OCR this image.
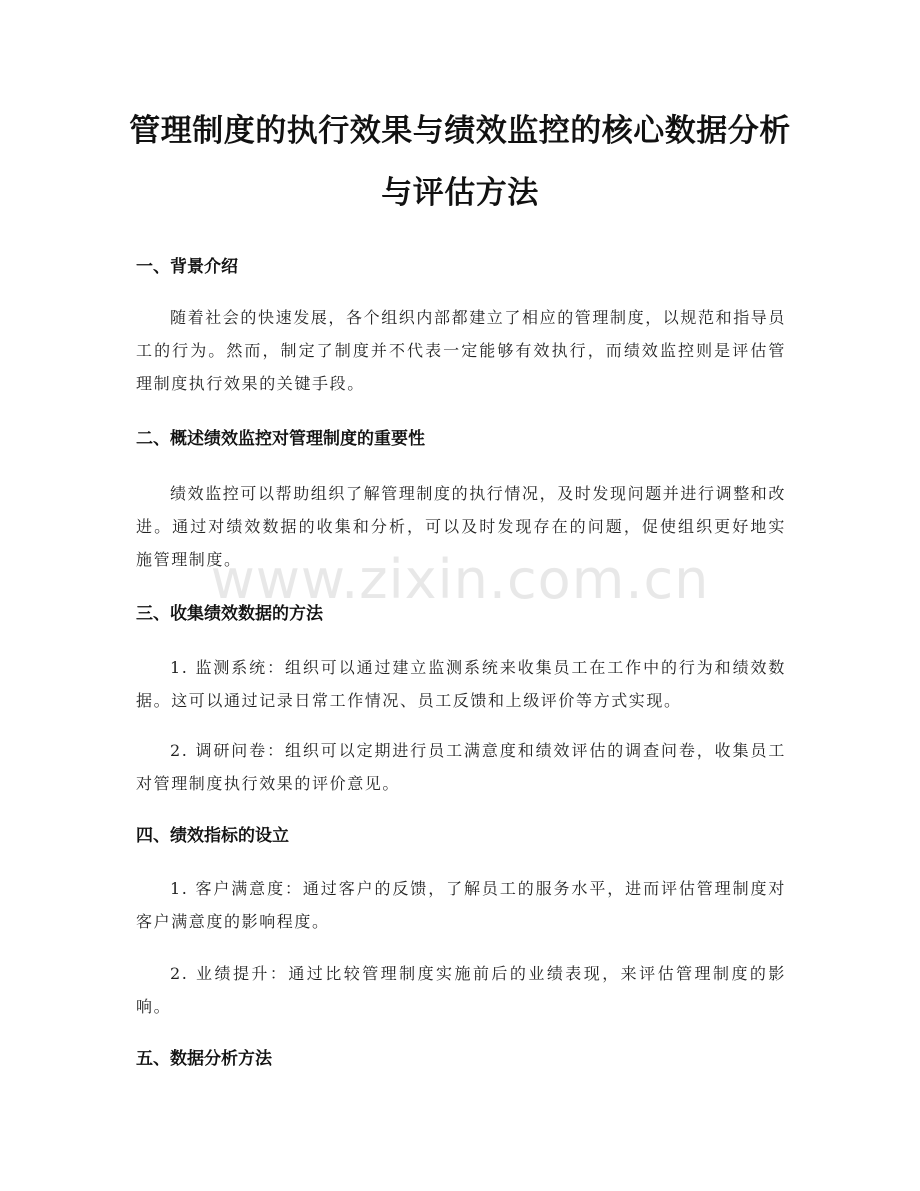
管理制度的执行效果与绩效监控的核心数据分析与评估方法
一、背景介绍

随着社会的快速发展，各个组织内部都建立了相应的管理制度，以规范和指导员工的行为。然而，制定了制度并不代表一定能够有效执行，而绩效监控则是评估管理制度执行效果的关键手段。

二、概述绩效监控对管理制度的重要性

绩效监控可以帮助组织了解管理制度的执行情况，及时发现问题并进行调整和改进。通过对绩效数据的收集和分析，可以及时发现存在的问题，促使组织更好地实施管理制度。

三、收集绩效数据的方法

1. 监测系统：组织可以通过建立监测系统来收集员工在工作中的行为和绩效数据。这可以通过记录日常工作情况、员工反馈和上级评价等方式实现。

2. 调研问卷：组织可以定期进行员工满意度和绩效评估的调查问卷，收集员工对管理制度执行效果的评价意见。

四、绩效指标的设立

1. 客户满意度：通过客户的反馈，了解员工的服务水平，进而评估管理制度对客户满意度的影响程度。

2. 业绩提升：通过比较管理制度实施前后的业绩表现，来评估管理制度的影响。

五、数据分析方法
www.zixin.com.cn
